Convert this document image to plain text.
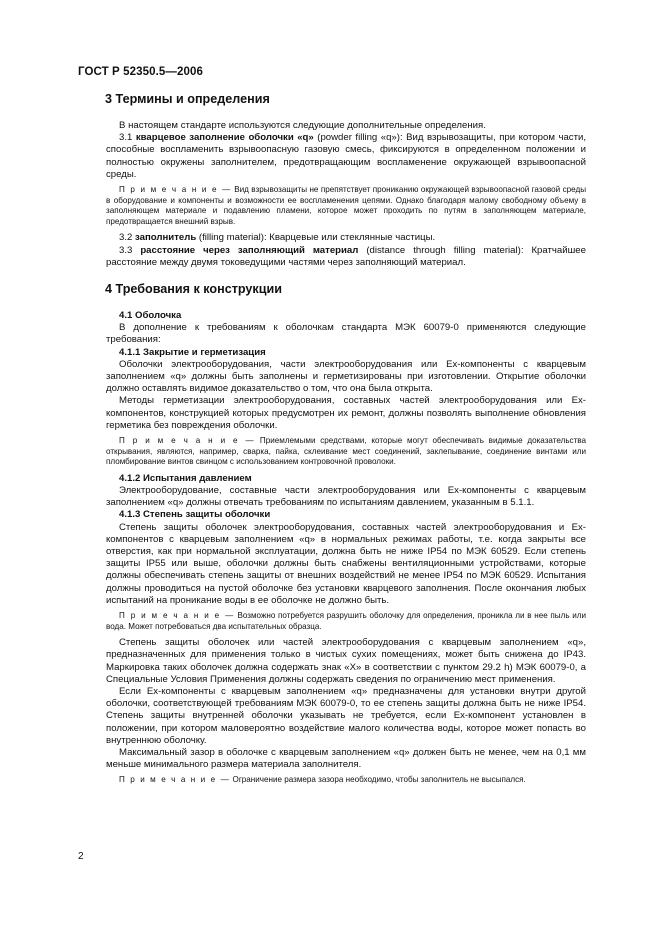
ГОСТ Р 52350.5—2006
3 Термины и определения

В настоящем стандарте используются следующие дополнительные определения.

3.1 кварцевое заполнение оболочки «q» (powder filling «q»): Вид взрывозащиты, при котором части, способные воспламенить взрывоопасную газовую смесь, фиксируются в определенном положении и полностью окружены заполнителем, предотвращающим воспламенение окружающей взрывоопасной среды.

П р и м е ч а н и е — Вид взрывозащиты не препятствует прониканию окружающей взрывоопасной газовой среды в оборудование и компоненты и возможности ее воспламенения цепями. Однако благодаря малому свободному объему в заполняющем материале и подавлению пламени, которое может проходить по путям в заполняющем материале, предотвращается внешний взрыв.

3.2 заполнитель (filling material): Кварцевые или стеклянные частицы.

3.3 расстояние через заполняющий материал (distance through filling material): Кратчайшее расстояние между двумя токоведущими частями через заполняющий материал.

4 Требования к конструкции

4.1 Оболочка

В дополнение к требованиям к оболочкам стандарта МЭК 60079-0 применяются следующие требования:

4.1.1 Закрытие и герметизация

Оболочки электрооборудования, части электрооборудования или Ex-компоненты с кварцевым заполнением «q» должны быть заполнены и герметизированы при изготовлении. Открытие оболочки должно оставлять видимое доказательство о том, что она была открыта.

Методы герметизации электрооборудования, составных частей электрооборудования или Ex-компонентов, конструкцией которых предусмотрен их ремонт, должны позволять выполнение обновления герметика без повреждения оболочки.

П р и м е ч а н и е — Приемлемыми средствами, которые могут обеспечивать видимые доказательства открывания, являются, например, сварка, пайка, склеивание мест соединений, заклепывание, соединение винтами или пломбирование винтов свинцом с использованием контровочной проволоки.

4.1.2 Испытания давлением

Электрооборудование, составные части электрооборудования или Ex-компоненты с кварцевым заполнением «q» должны отвечать требованиям по испытаниям давлением, указанным в 5.1.1.

4.1.3 Степень защиты оболочки

Степень защиты оболочек электрооборудования, составных частей электрооборудования и Ex-компонентов с кварцевым заполнением «q» в нормальных режимах работы, т.е. когда закрыты все отверстия, как при нормальной эксплуатации, должна быть не ниже IP54 по МЭК 60529. Если степень защиты IP55 или выше, оболочки должны быть снабжены вентиляционными устройствами, которые должны обеспечивать степень защиты от внешних воздействий не менее IP54 по МЭК 60529. Испытания должны проводиться на пустой оболочке без установки кварцевого заполнения. После окончания любых испытаний на проникание воды в ее оболочке не должно быть.

П р и м е ч а н и е — Возможно потребуется разрушить оболочку для определения, проникла ли в нее пыль или вода. Может потребоваться два испытательных образца.

Степень защиты оболочек или частей электрооборудования с кварцевым заполнением «q», предназначенных для применения только в чистых сухих помещениях, может быть снижена до IP43. Маркировка таких оболочек должна содержать знак «X» в соответствии с пунктом 29.2 h) МЭК 60079-0, а Специальные Условия Применения должны содержать сведения по ограничению мест применения.

Если Ex-компоненты с кварцевым заполнением «q» предназначены для установки внутри другой оболочки, соответствующей требованиям МЭК 60079-0, то ее степень защиты должна быть не ниже IP54. Степень защиты внутренней оболочки указывать не требуется, если Ex-компонент установлен в положении, при котором маловероятно воздействие малого количества воды, которое может попасть во внутреннюю оболочку.

Максимальный зазор в оболочке с кварцевым заполнением «q» должен быть не менее, чем на 0,1 мм меньше минимального размера материала заполнителя.

П р и м е ч а н и е — Ограничение размера зазора необходимо, чтобы заполнитель не высыпался.

2
